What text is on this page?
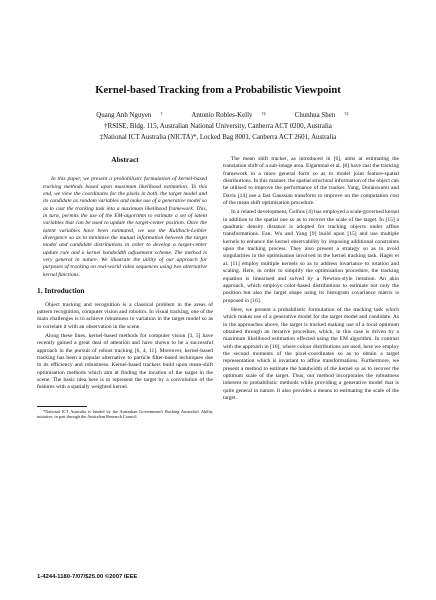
Kernel-based Tracking from a Probabilistic Viewpoint
Quang Anh Nguyen †	Antonio Robles-Kelly †‡	Chunhua Shen †‡
†RSISE, Bldg. 115, Australian National University, Canberra ACT 0200, Australia
‡National ICT Australia (NICTA)*, Locked Bag 8001, Canberra ACT 2601, Australia
Abstract

In this paper, we present a probabilistic formulation of kernel-based tracking methods based upon maximum likelihood estimation. To this end, we view the coordinates for the pixels in both, the target model and its candidate as random variables and make use of a generative model so as to cast the tracking task into a maximum likelihood framework. This, in turn, permits the use of the EM-algorithm to estimate a set of latent variables that can be used to update the target-center position. Once the latent variables have been estimated, we use the Kullback-Leibler divergence so as to minimise the mutual information between the target model and candidate distributions in order to develop a target-center update rule and a kernel bandwidth adjustment scheme. The method is very general in nature. We illustrate the utility of our approach for purposes of tracking on real-world video sequences using two alternative kernel functions.

1. Introduction

Object tracking and recognition is a classical problem in the areas of pattern recognition, computer vision and robotics. In visual tracking, one of the main challenges is to achieve robustness to variation in the target model so as to correlate it with an observation in the scene.

Along these lines, kernel-based methods for computer vision [3, 5] have recently gained a great deal of attention and have shown to be a successful approach in the pursuit of robust tracking [6, 4, 11]. Moreover, kernel-based tracking has been a popular alternative to particle filter-based techniques due to its efficiency and robustness. Kernel-based trackers build upon mean-shift optimisation methods which aim at finding the location of the target in the scene. The basic idea here is to represent the target by a convolution of the features with a spatially weighted kernel.

*National ICT Australia is funded by the Australian Government's Backing Australia's Ability initiative, in part through the Australian Research Council.

The mean shift tracker, as introduced in [6], aims at estimating the translation shift of a sub-image area. Elgammal et al. [8] have cast the tracking framework in a more general form so as to model joint feature-spatial distributions. In this manner, the spatial structural information of the object can be utilised to improve the performance of the tracker. Yang, Duraiswami and Davis [14] use a fast Gaussian transform to improve on the computation cost of the mean shift optimisation procedure.

In a related development, Collins [4] has employed a scale-governed kernel in addition to the spatial one so as to recover the scale of the target. In [15] a quadratic density distance is adopted for tracking objects under affine transformations. Fan, Wu and Yang [9] build upon [15] and use multiple kernels to enhance the kernel observability by imposing additional constraints upon the tracking process. They also present a strategy so as to avoid singularities in the optimisation involved in the kernel tracking task. Hager et al. [11] employ multiple kernels so as to address invariance to rotation and scaling. Here, in order to simplify the optimisation procedure, the tracking equation is linearised and solved by a Newton-style iteration. An akin approach, which employs color-based distributions to estimate not only the position but also the target shape using its histogram covariance matrix is proposed in [16].

Here, we present a probabilistic formulation of the tracking task which which makes use of a generative model for the target model and candidate. As in the approaches above, the target is tracked making use of a local optimum obtained through an iterative procedure, which, in this case is driven by a maximum likelihood estimation effected using the EM algorithm. In contrast with the approach in [16], where colour distributions are used, here we employ the second moments of the pixel-coordinates so as to obtain a target representation which is invariant to affine transformations. Furthermore, we present a method to estimate the bandwidth of the kernel so as to recover the optimum scale of the target. Thus, our method incorporates the robustness inherent to probabilistic methods while providing a generative model that is quite general in nature. It also provides a means to estimating the scale of the target.

1-4244-1180-7/07/$25.00 ©2007 IEEE
